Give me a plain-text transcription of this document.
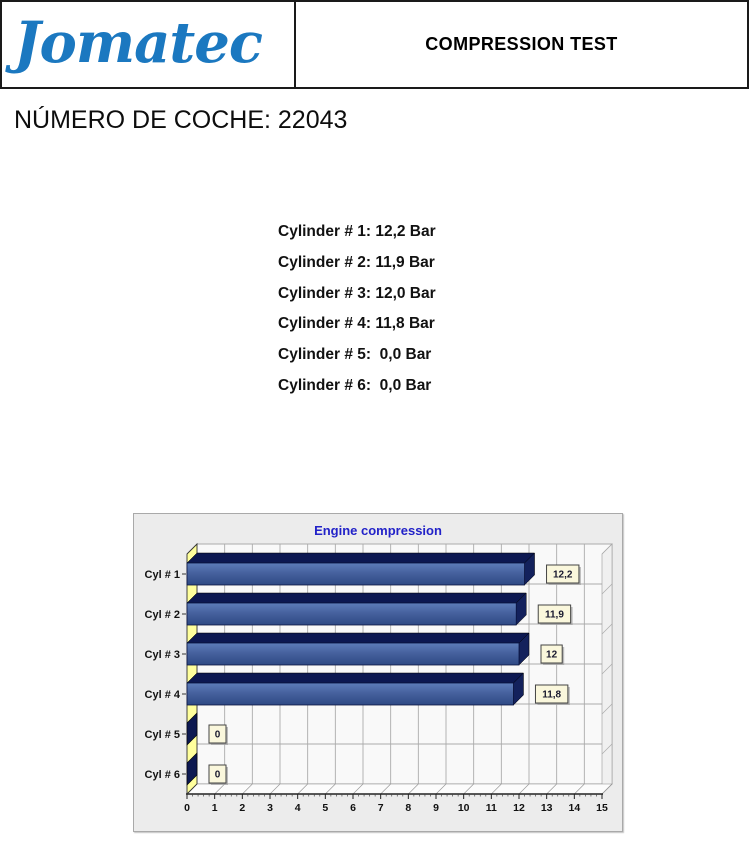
Jomatec	COMPRESSION TEST
NÚMERO DE COCHE: 22043
Cylinder # 1: 12,2 Bar
Cylinder # 2: 11,9 Bar
Cylinder # 3: 12,0 Bar
Cylinder # 4: 11,8 Bar
Cylinder # 5:  0,0 Bar
Cylinder # 6:  0,0 Bar
Engine compression
0 1 2 3 4 5 6 7 8 9 10 11 12 13 14 15
Cyl # 1	12,2
Cyl # 2	11,9
Cyl # 3	12
Cyl # 4	11,8
Cyl # 5	0
Cyl # 6	0
